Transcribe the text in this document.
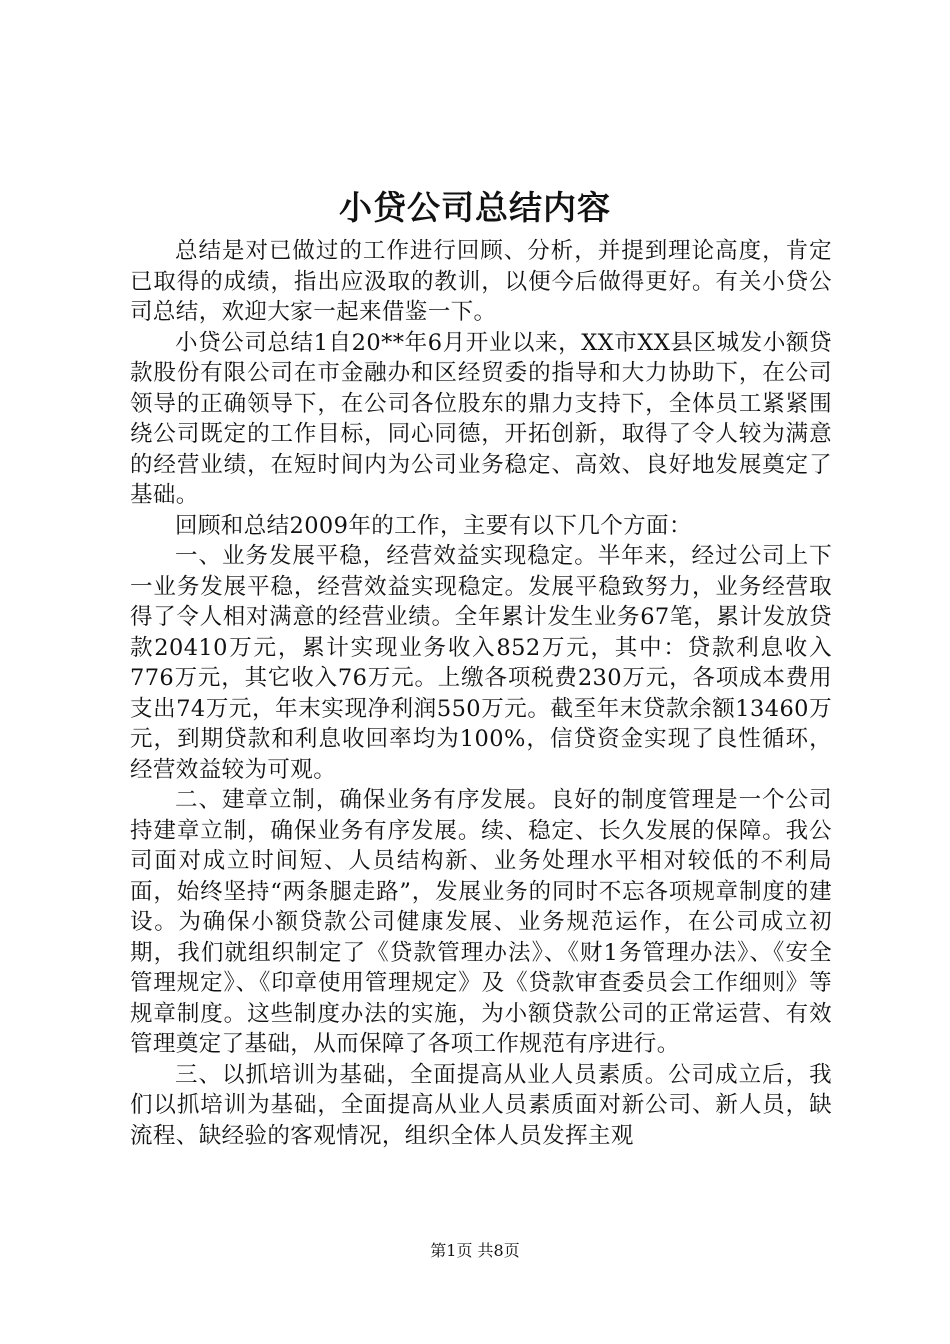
小贷公司总结内容

总结是对已做过的工作进行回顾、分析，并提到理论高度，肯定已取得的成绩，指出应汲取的教训，以便今后做得更好。有关小贷公司总结，欢迎大家一起来借鉴一下。

小贷公司总结1自20**年6月开业以来，XX市XX县区城发小额贷款股份有限公司在市金融办和区经贸委的指导和大力协助下，在公司领导的正确领导下，在公司各位股东的鼎力支持下，全体员工紧紧围绕公司既定的工作目标，同心同德，开拓创新，取得了令人较为满意的经营业绩，在短时间内为公司业务稳定、高效、良好地发展奠定了基础。

回顾和总结2009年的工作，主要有以下几个方面：

一、业务发展平稳，经营效益实现稳定。半年来，经过公司上下一业务发展平稳，经营效益实现稳定。发展平稳致努力，业务经营取得了令人相对满意的经营业绩。全年累计发生业务67笔，累计发放贷款20410万元，累计实现业务收入852万元，其中：贷款利息收入776万元，其它收入76万元。上缴各项税费230万元，各项成本费用支出74万元，年末实现净利润550万元。截至年末贷款余额13460万元，到期贷款和利息收回率均为100%，信贷资金实现了良性循环，经营效益较为可观。

二、建章立制，确保业务有序发展。良好的制度管理是一个公司持建章立制，确保业务有序发展。续、稳定、长久发展的保障。我公司面对成立时间短、人员结构新、业务处理水平相对较低的不利局面，始终坚持“两条腿走路”，发展业务的同时不忘各项规章制度的建设。为确保小额贷款公司健康发展、业务规范运作，在公司成立初期，我们就组织制定了《贷款管理办法》、《财1务管理办法》、《安全管理规定》、《印章使用管理规定》及《贷款审查委员会工作细则》等规章制度。这些制度办法的实施，为小额贷款公司的正常运营、有效管理奠定了基础，从而保障了各项工作规范有序进行。

三、以抓培训为基础，全面提高从业人员素质。公司成立后，我们以抓培训为基础，全面提高从业人员素质面对新公司、新人员，缺流程、缺经验的客观情况，组织全体人员发挥主观

第1页 共8页
